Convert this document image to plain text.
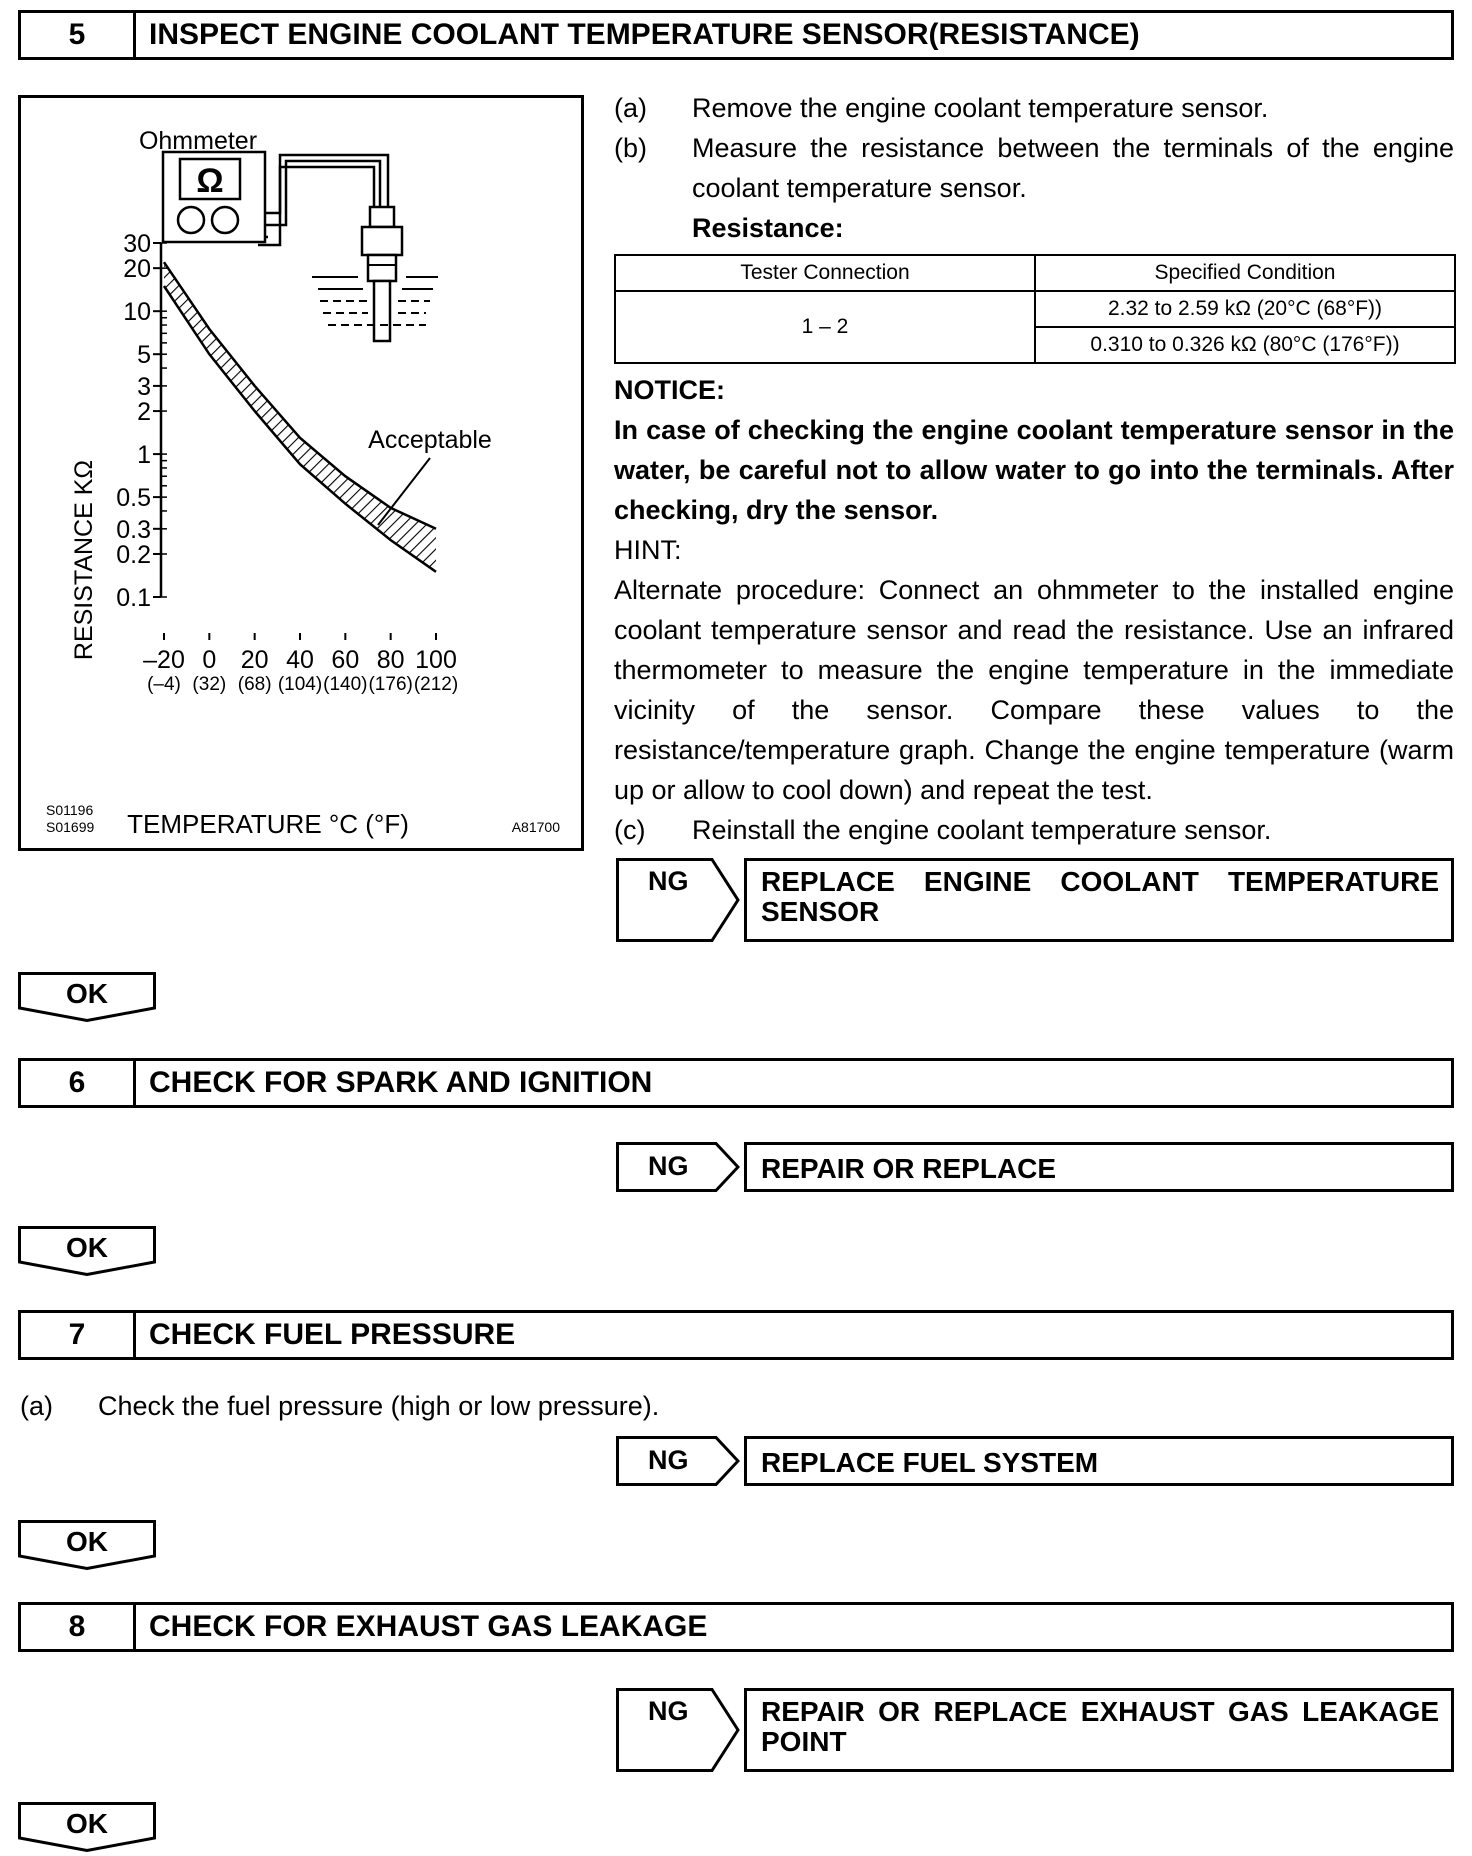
5	INSPECT ENGINE COOLANT TEMPERATURE SENSOR(RESISTANCE)
Ω
Ohmmeter
30
20
10
5
3
2
1
0.5
0.3
0.2
0.1
–20
(–4)
0
(32)
20
(68)
40
(104)
60
(140)
80
(176)
100
(212)
Acceptable
RESISTANCE KΩ
TEMPERATURE °C (°F)
S01196
S01699	A81700
(a) Remove the engine coolant temperature sensor.
(b) Measure the resistance between the terminals of the engine coolant temperature sensor.
Resistance:
Tester Connection	Specified Condition
1 – 2	2.32 to 2.59 kΩ (20°C (68°F))
	0.310 to 0.326 kΩ (80°C (176°F))
NOTICE:
In case of checking the engine coolant temperature sensor in the water, be careful not to allow water to go into the terminals. After checking, dry the sensor.
HINT:
Alternate procedure: Connect an ohmmeter to the installed engine coolant temperature sensor and read the resistance. Use an infrared thermometer to measure the engine temperature in the immediate vicinity of the sensor. Compare these values to the resistance/temperature graph. Change the engine temperature (warm up or allow to cool down) and repeat the test.
(c) Reinstall the engine coolant temperature sensor.
NG	REPLACE ENGINE COOLANT TEMPERATURE SENSOR
OK
6	CHECK FOR SPARK AND IGNITION
NG	REPAIR OR REPLACE
OK
7	CHECK FUEL PRESSURE
(a) Check the fuel pressure (high or low pressure).
NG	REPLACE FUEL SYSTEM
OK
8	CHECK FOR EXHAUST GAS LEAKAGE
NG	REPAIR OR REPLACE EXHAUST GAS LEAKAGE POINT
OK
